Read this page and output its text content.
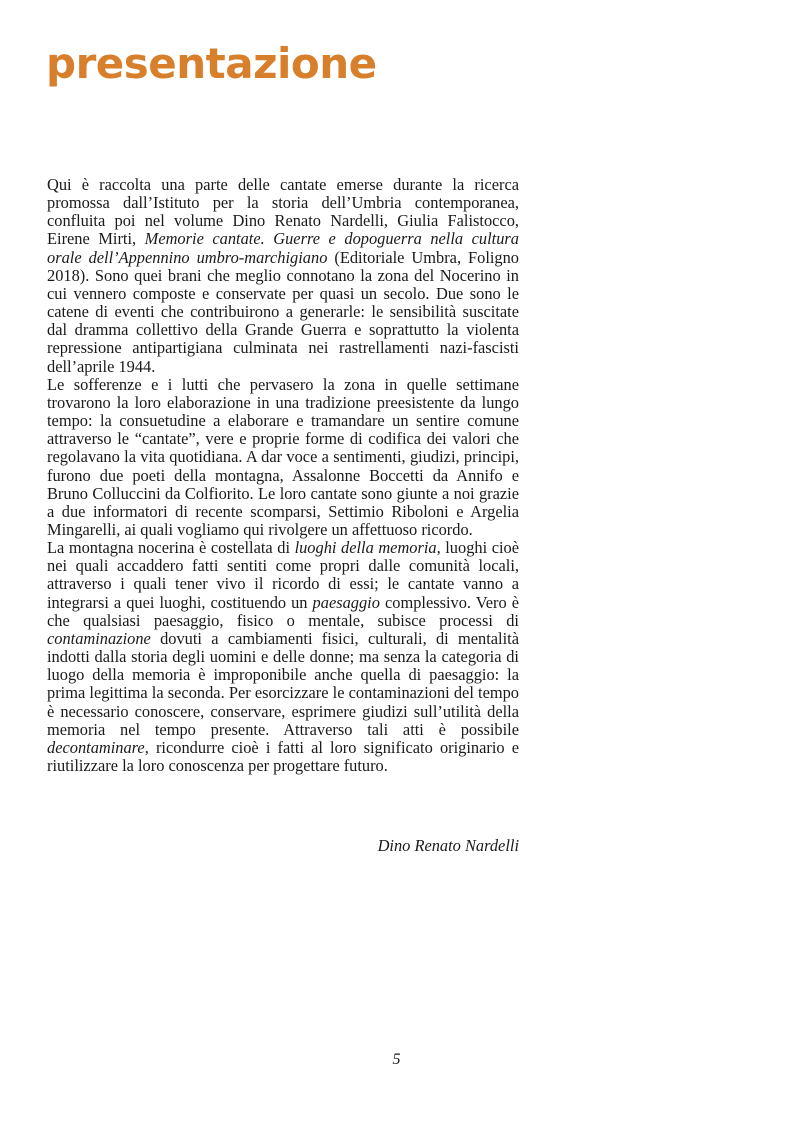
presentazione

Qui è raccolta una parte delle cantate emerse durante la ricerca promossa dall’Istituto per la storia dell’Umbria contemporanea, confluita poi nel volume Dino Renato Nardelli, Giulia Falistocco, Eirene Mirti, Memorie cantate. Guerre e dopoguerra nella cultura orale dell’Appennino umbro-marchigiano (Editoriale Umbra, Foligno 2018). Sono quei brani che meglio connotano la zona del Nocerino in cui vennero composte e conservate per quasi un secolo. Due sono le catene di eventi che contribuirono a generarle: le sensibilità suscitate dal dramma collettivo della Grande Guerra e soprattutto la violenta repressione antipartigiana culminata nei rastrellamenti nazi-fascisti dell’aprile 1944.

Le sofferenze e i lutti che pervasero la zona in quelle settimane trovarono la loro elaborazione in una tradizione preesistente da lungo tempo: la consuetudine a elaborare e tramandare un sentire comune attraverso le “cantate”, vere e proprie forme di codifica dei valori che regolavano la vita quotidiana. A dar voce a sentimenti, giudizi, principi, furono due poeti della montagna, Assalonne Boccetti da Annifo e Bruno Colluccini da Colfiorito. Le loro cantate sono giunte a noi grazie a due informatori di recente scomparsi, Settimio Riboloni e Argelia Mingarelli, ai quali vogliamo qui rivolgere un affettuoso ricordo.

La montagna nocerina è costellata di luoghi della memoria, luoghi cioè nei quali accaddero fatti sentiti come propri dalle comunità locali, attraverso i quali tener vivo il ricordo di essi; le cantate vanno a integrarsi a quei luoghi, costituendo un paesaggio complessivo. Vero è che qualsiasi paesaggio, fisico o mentale, subisce processi di contaminazione dovuti a cambiamenti fisici, culturali, di mentalità indotti dalla storia degli uomini e delle donne; ma senza la categoria di luogo della memoria è improponibile anche quella di paesaggio: la prima legittima la seconda. Per esorcizzare le contaminazioni del tempo è necessario conoscere, conservare, esprimere giudizi sull’utilità della memoria nel tempo presente. Attraverso tali atti è possibile decontaminare, ricondurre cioè i fatti al loro significato originario e riutilizzare la loro conoscenza per progettare futuro.

Dino Renato Nardelli
5
